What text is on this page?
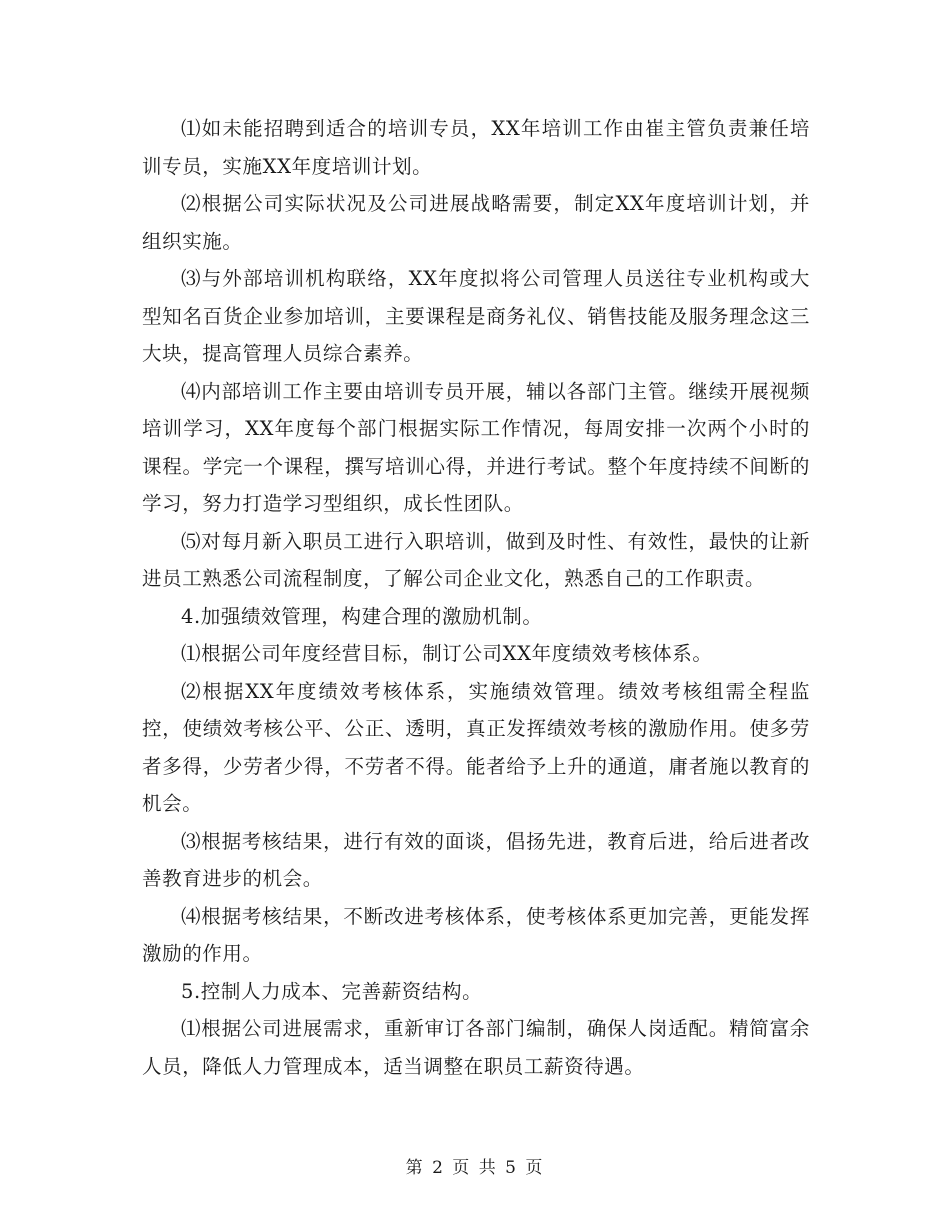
⑴如未能招聘到适合的培训专员，XX年培训工作由崔主管负责兼任培训专员，实施XX年度培训计划。

⑵根据公司实际状况及公司进展战略需要，制定XX年度培训计划，并组织实施。

⑶与外部培训机构联络，XX年度拟将公司管理人员送往专业机构或大型知名百货企业参加培训，主要课程是商务礼仪、销售技能及服务理念这三大块，提高管理人员综合素养。

⑷内部培训工作主要由培训专员开展，辅以各部门主管。继续开展视频培训学习，XX年度每个部门根据实际工作情况，每周安排一次两个小时的课程。学完一个课程，撰写培训心得，并进行考试。整个年度持续不间断的学习，努力打造学习型组织，成长性团队。

⑸对每月新入职员工进行入职培训，做到及时性、有效性，最快的让新进员工熟悉公司流程制度，了解公司企业文化，熟悉自己的工作职责。

4.加强绩效管理，构建合理的激励机制。

⑴根据公司年度经营目标，制订公司XX年度绩效考核体系。

⑵根据XX年度绩效考核体系，实施绩效管理。绩效考核组需全程监控，使绩效考核公平、公正、透明，真正发挥绩效考核的激励作用。使多劳者多得，少劳者少得，不劳者不得。能者给予上升的通道，庸者施以教育的机会。

⑶根据考核结果，进行有效的面谈，倡扬先进，教育后进，给后进者改善教育进步的机会。

⑷根据考核结果，不断改进考核体系，使考核体系更加完善，更能发挥激励的作用。

5.控制人力成本、完善薪资结构。

⑴根据公司进展需求，重新审订各部门编制，确保人岗适配。精简富余人员，降低人力管理成本，适当调整在职员工薪资待遇。

第 2 页 共 5 页
